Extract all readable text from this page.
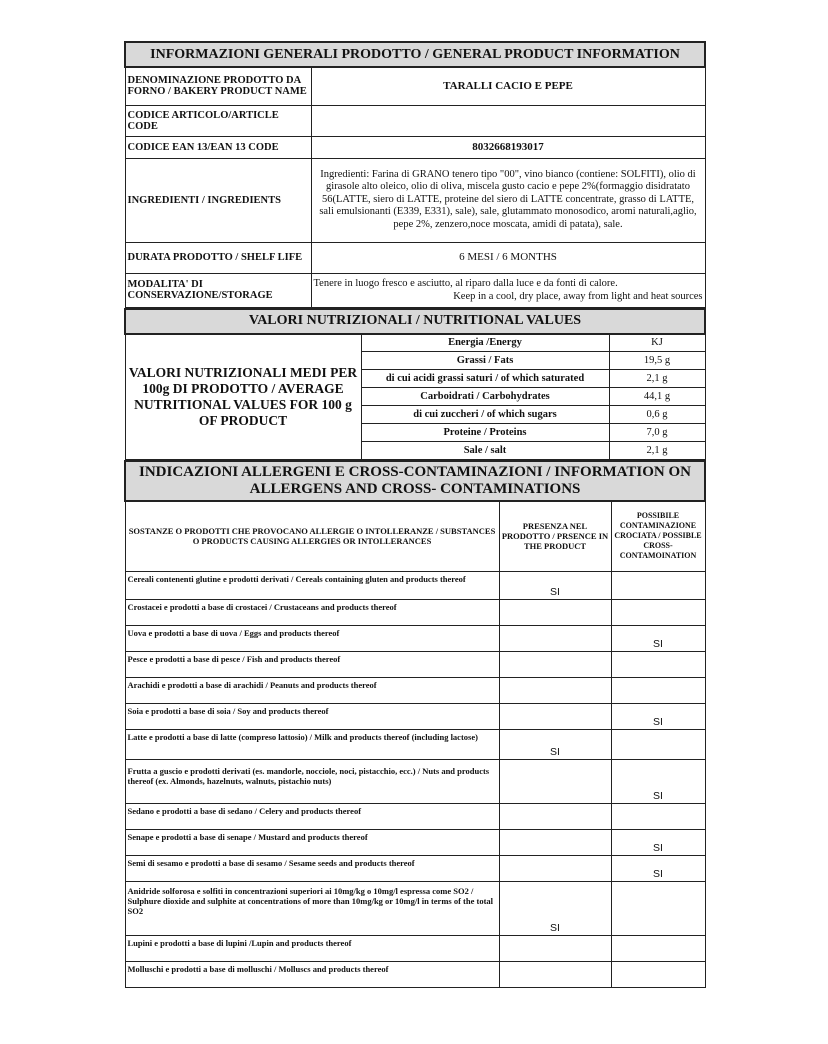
INFORMAZIONI GENERALI PRODOTTO / GENERAL PRODUCT INFORMATION	
DENOMINAZIONE PRODOTTO DA FORNO / BAKERY PRODUCT NAME	TARALLI CACIO E PEPE
CODICE ARTICOLO/ARTICLE CODE	
CODICE EAN 13/EAN 13 CODE	8032668193017
INGREDIENTI / INGREDIENTS	Ingredienti: Farina di GRANO tenero tipo "00", vino bianco (contiene: SOLFITI), olio di girasole alto oleico, olio di oliva, miscela gusto cacio e pepe 2%(formaggio disidratato 56(LATTE, siero di LATTE, proteine del siero di LATTE concentrate, grasso di LATTE, sali emulsionanti (E339, E331), sale), sale, glutammato monosodico, aromi naturali,aglio, pepe 2%, zenzero,noce moscata, amidi di patata), sale.
DURATA PRODOTTO / SHELF LIFE	6 MESI / 6 MONTHS
MODALITA' DI CONSERVAZIONE/STORAGE	Tenere in luogo fresco e asciutto, al riparo dalla luce e da fonti di calore.
Keep in a cool, dry place, away from light and heat sources
VALORI NUTRIZIONALI / NUTRITIONAL VALUES		
VALORI NUTRIZIONALI MEDI PER 100g DI PRODOTTO / AVERAGE NUTRITIONAL VALUES FOR 100 g OF PRODUCT	Energia /Energy	KJ
	Grassi / Fats	19,5 g
	di cui acidi grassi saturi / of which saturated	2,1 g
	Carboidrati / Carbohydrates	44,1 g
	di cui zuccheri / of which sugars	0,6 g
	Proteine / Proteins	7,0 g
	Sale / salt	2,1 g
INDICAZIONI ALLERGENI E CROSS-CONTAMINAZIONI / INFORMATION ON ALLERGENS AND CROSS- CONTAMINATIONS		
SOSTANZE O PRODOTTI CHE PROVOCANO ALLERGIE O INTOLLERANZE / SUBSTANCES O PRODUCTS CAUSING ALLERGIES OR INTOLLERANCES	PRESENZA NEL PRODOTTO / PRSENCE IN THE PRODUCT	POSSIBILE CONTAMINAZIONE CROCIATA / POSSIBLE CROSS-CONTAMOINATION
Cereali contenenti glutine e prodotti derivati / Cereals containing gluten and products thereof	SI	
Crostacei e prodotti a base di crostacei / Crustaceans and products thereof		
Uova e prodotti a base di uova / Eggs and products thereof		SI
Pesce e prodotti a base di pesce / Fish and products thereof		
Arachidi e prodotti a base di arachidi / Peanuts and products thereof		
Soia e prodotti a base di soia / Soy and products thereof		SI
Latte e prodotti a base di latte (compreso lattosio) / Milk and products thereof (including lactose)	SI	
Frutta a guscio e prodotti derivati (es. mandorle, nocciole, noci, pistacchio, ecc.) / Nuts and products thereof (ex. Almonds, hazelnuts, walnuts, pistachio nuts)		SI
Sedano e prodotti a base di sedano / Celery and products thereof		
Senape e prodotti a base di senape / Mustard and products thereof		SI
Semi di sesamo e prodotti a base di sesamo / Sesame seeds and products thereof		SI
Anidride solforosa e solfiti in concentrazioni superiori ai 10mg/kg o 10mg/l espressa come SO2 / Sulphure dioxide and sulphite at concentrations of more than 10mg/kg or 10mg/l in terms of the total SO2	SI	
Lupini e prodotti a base di lupini /Lupin and products thereof		
Molluschi e prodotti a base di molluschi / Molluscs and products thereof		
